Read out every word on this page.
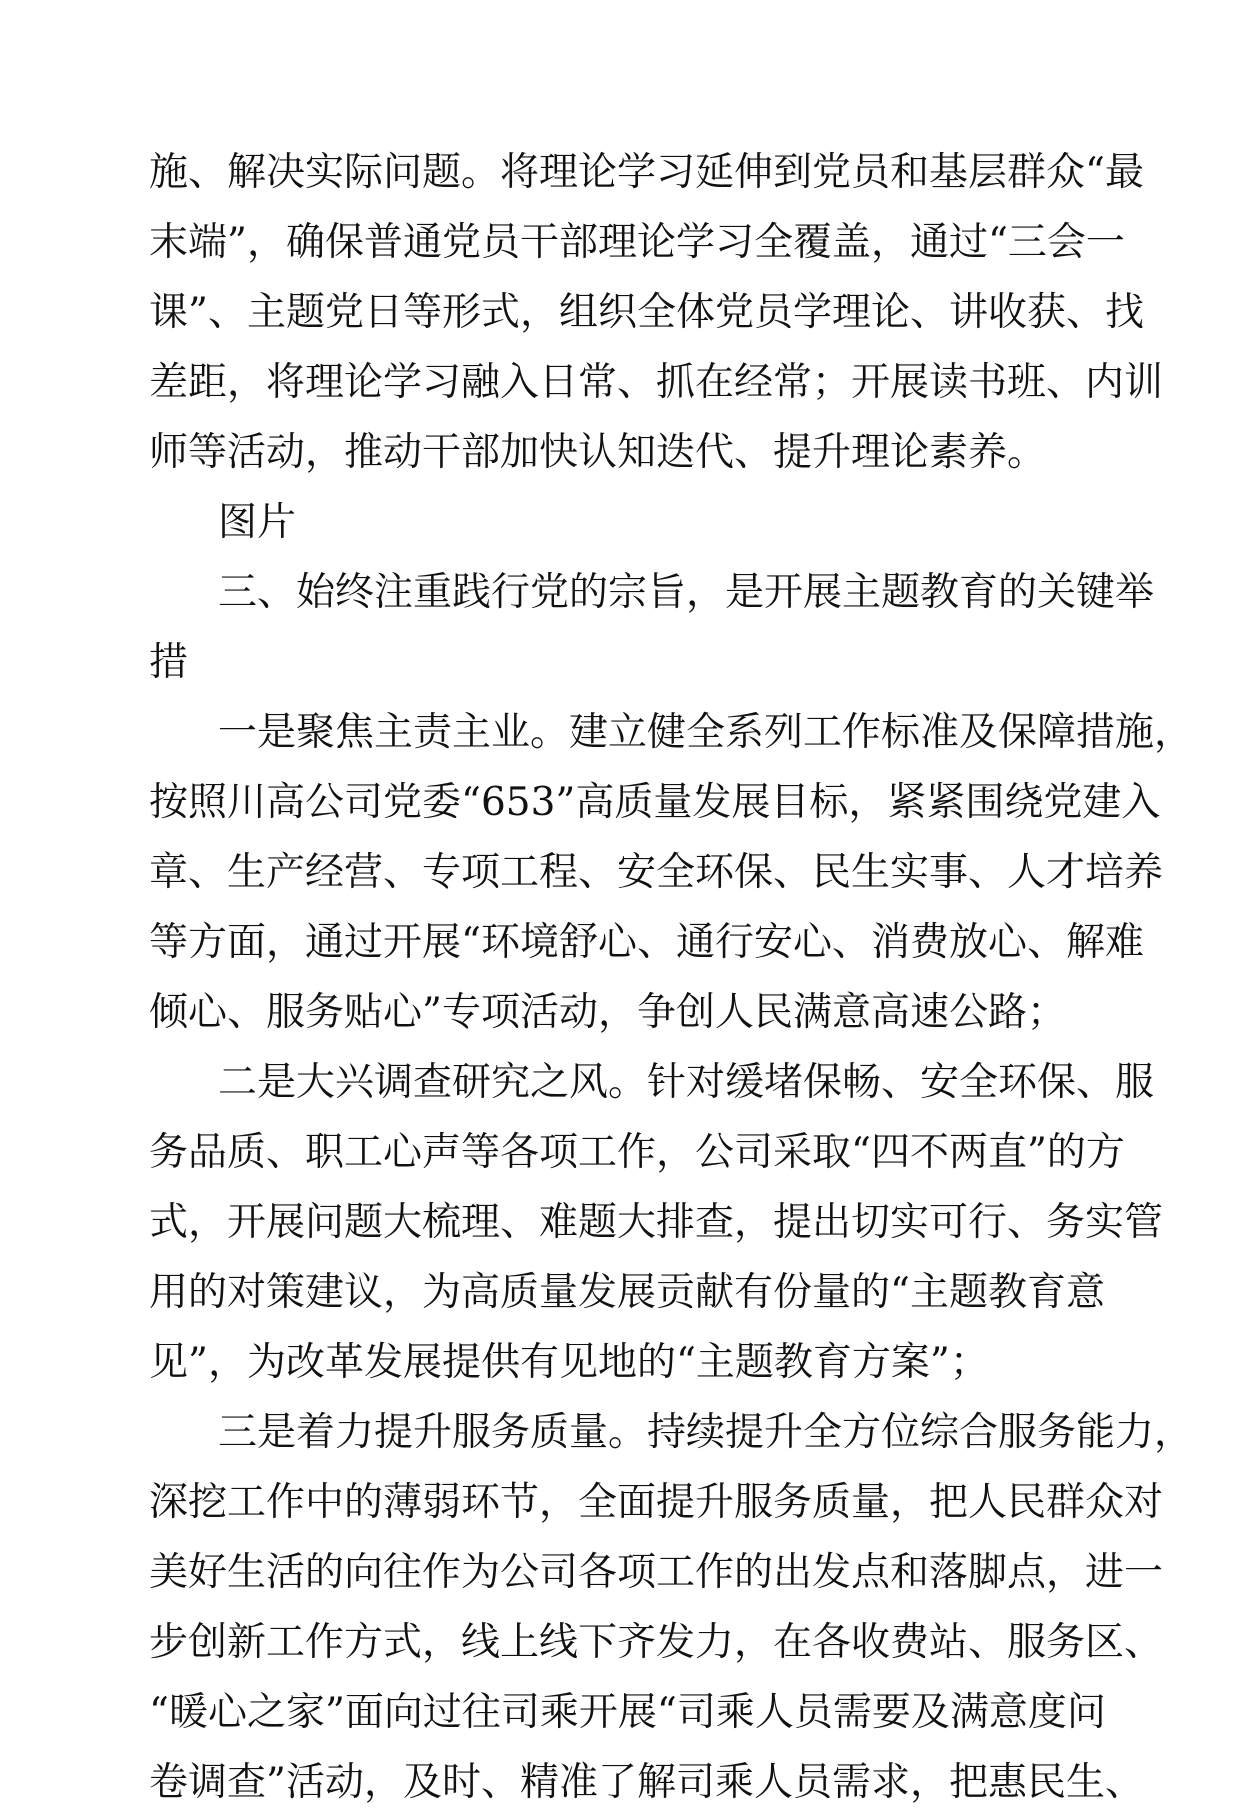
施、解决实际问题。将理论学习延伸到党员和基层群众“最
末端”，确保普通党员干部理论学习全覆盖，通过“三会一
课”、主题党日等形式，组织全体党员学理论、讲收获、找
差距，将理论学习融入日常、抓在经常；开展读书班、内训
师等活动，推动干部加快认知迭代、提升理论素养。
图片
三、始终注重践行党的宗旨，是开展主题教育的关键举
措
一是聚焦主责主业。建立健全系列工作标准及保障措施，
按照川高公司党委“653”高质量发展目标，紧紧围绕党建入
章、生产经营、专项工程、安全环保、民生实事、人才培养
等方面，通过开展“环境舒心、通行安心、消费放心、解难
倾心、服务贴心”专项活动，争创人民满意高速公路；
二是大兴调查研究之风。针对缓堵保畅、安全环保、服
务品质、职工心声等各项工作，公司采取“四不两直”的方
式，开展问题大梳理、难题大排查，提出切实可行、务实管
用的对策建议，为高质量发展贡献有份量的“主题教育意
见”，为改革发展提供有见地的“主题教育方案”；
三是着力提升服务质量。持续提升全方位综合服务能力，
深挖工作中的薄弱环节，全面提升服务质量，把人民群众对
美好生活的向往作为公司各项工作的出发点和落脚点，进一
步创新工作方式，线上线下齐发力，在各收费站、服务区、
“暖心之家”面向过往司乘开展“司乘人员需要及满意度问
卷调查”活动，及时、精准了解司乘人员需求，把惠民生、
